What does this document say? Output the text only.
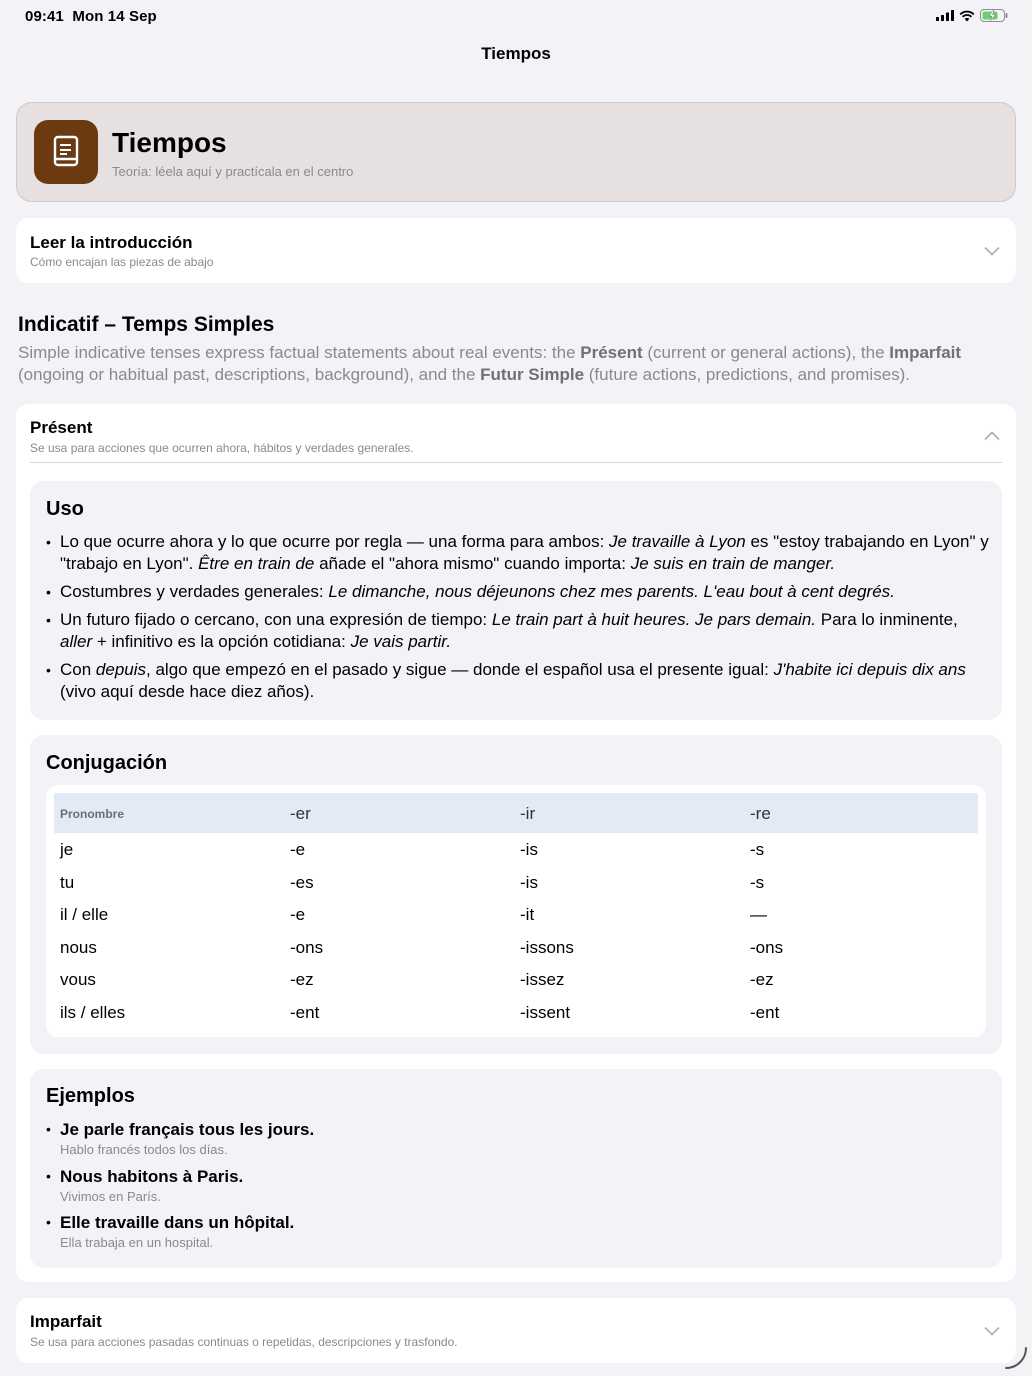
09:41 Mon 14 Sep
Tiempos
Tiempos
Teoría: léela aquí y practícala en el centro
Leer la introducción
Cómo encajan las piezas de abajo
Indicatif – Temps Simples
Simple indicative tenses express factual statements about real events: the Présent (current or general actions), the Imparfait (ongoing or habitual past, descriptions, background), and the Futur Simple (future actions, predictions, and promises).
Présent
Se usa para acciones que ocurren ahora, hábitos y verdades generales.
Uso
• Lo que ocurre ahora y lo que ocurre por regla — una forma para ambos: Je travaille à Lyon es "estoy trabajando en Lyon" y "trabajo en Lyon". Être en train de añade el "ahora mismo" cuando importa: Je suis en train de manger.
• Costumbres y verdades generales: Le dimanche, nous déjeunons chez mes parents. L'eau bout à cent degrés.
• Un futuro fijado o cercano, con una expresión de tiempo: Le train part à huit heures. Je pars demain. Para lo inminente, aller + infinitivo es la opción cotidiana: Je vais partir.
• Con depuis, algo que empezó en el pasado y sigue — donde el español usa el presente igual: J'habite ici depuis dix ans (vivo aquí desde hace diez años).
Conjugación
Pronombre	-er	-ir	-re
je	-e	-is	-s
tu	-es	-is	-s
il / elle	-e	-it	—
nous	-ons	-issons	-ons
vous	-ez	-issez	-ez
ils / elles	-ent	-issent	-ent
Ejemplos
• Je parle français tous les jours.
Hablo francés todos los días.
• Nous habitons à Paris.
Vivimos en París.
• Elle travaille dans un hôpital.
Ella trabaja en un hospital.
Imparfait
Se usa para acciones pasadas continuas o repetidas, descripciones y trasfondo.
